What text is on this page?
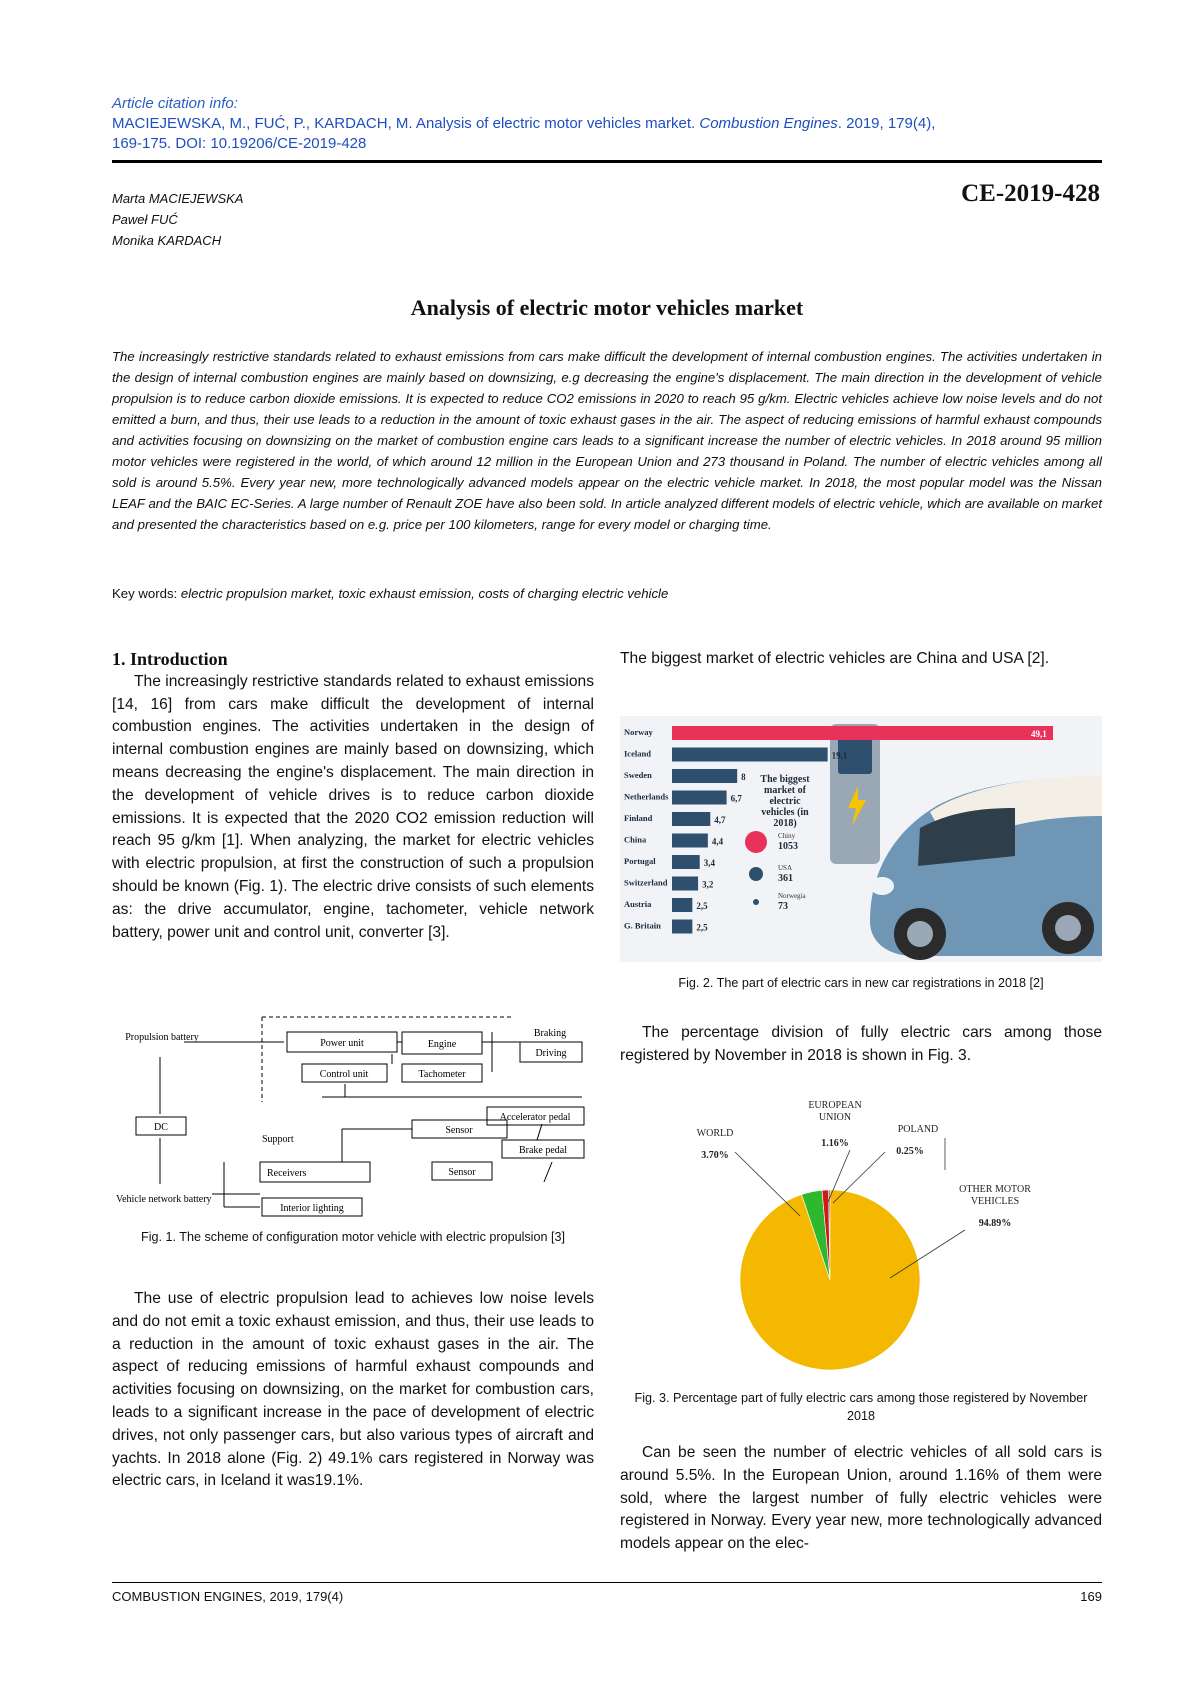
Article citation info:
MACIEJEWSKA, M., FUĆ, P., KARDACH, M. Analysis of electric motor vehicles market. Combustion Engines. 2019, 179(4),
169-175. DOI: 10.19206/CE-2019-428
Marta MACIEJEWSKA
Paweł FUĆ
Monika KARDACH
CE-2019-428
Analysis of electric motor vehicles market
The increasingly restrictive standards related to exhaust emissions from cars make difficult the development of internal combustion engines. The activities undertaken in the design of internal combustion engines are mainly based on downsizing, e.g decreasing the engine's displacement. The main direction in the development of vehicle propulsion is to reduce carbon dioxide emissions. It is expected to reduce CO2 emissions in 2020 to reach 95 g/km. Electric vehicles achieve low noise levels and do not emitted a burn, and thus, their use leads to a reduction in the amount of toxic exhaust gases in the air. The aspect of reducing emissions of harmful exhaust compounds and activities focusing on downsizing on the market of combustion engine cars leads to a significant increase the number of electric vehicles. In 2018 around 95 million motor vehicles were registered in the world, of which around 12 million in the European Union and 273 thousand in Poland. The number of electric vehicles among all sold is around 5.5%. Every year new, more technologically advanced models appear on the electric vehicle market. In 2018, the most popular model was the Nissan LEAF and the BAIC EC-Series. A large number of Renault ZOE have also been sold. In article analyzed different models of electric vehicle, which are available on market and presented the characteristics based on e.g. price per 100 kilometers, range for every model or charging time.
Key words: electric propulsion market, toxic exhaust emission, costs of charging electric vehicle
1. Introduction

The increasingly restrictive standards related to exhaust emissions [14, 16] from cars make difficult the development of internal combustion engines. The activities undertaken in the design of internal combustion engines are mainly based on downsizing, which means decreasing the engine's displacement. The main direction in the development of vehicle drives is to reduce carbon dioxide emissions. It is expected that the 2020 CO2 emission reduction will reach 95 g/km [1]. When analyzing, the market for electric vehicles with electric propulsion, at first the construction of such a propulsion should be known (Fig. 1). The electric drive consists of such elements as: the drive accumulator, engine, tachometer, vehicle network battery, power unit and control unit, converter [3].

Propulsion battery
Power unit
Control unit
Engine
Tachometer
Braking
Driving
DC
Accelerator pedal
Brake pedal
Sensor
Sensor
Support
Receivers
Interior lighting
Vehicle network battery
Fig. 1. The scheme of configuration motor vehicle with electric propulsion [3]

The use of electric propulsion lead to achieves low noise levels and do not emit a toxic exhaust emission, and thus, their use leads to a reduction in the amount of toxic exhaust gases in the air. The aspect of reducing emissions of harmful exhaust compounds and activities focusing on downsizing, on the market for combustion cars, leads to a significant increase in the pace of development of electric drives, not only passenger cars, but also various types of aircraft and yachts. In 2018 alone (Fig. 2) 49.1% cars registered in Norway was electric cars, in Iceland it was19.1%.

The biggest market of electric vehicles are China and USA [2].

The biggest market of electric vehicles (in 2018)
Norway	49,1
Iceland	19,1
Sweden	8
Netherlands	6,7
Finland	4,7
China	4,4
Portugal	3,4
Switzerland	3,2
Austria	2,5
G. Britain	2,5
Chiny
1053
USA
361
Norwegia
73
Fig. 2. The part of electric cars in new car registrations in 2018 [2]

The percentage division of fully electric cars among those registered by November in 2018 is shown in Fig. 3.

WORLD
3.70%
EUROPEAN UNION
1.16%
POLAND
0.25%
OTHER MOTOR VEHICLES
94.89%
Fig. 3. Percentage part of fully electric cars among those registered by November 2018

Can be seen the number of electric vehicles of all sold cars is around 5.5%. In the European Union, around 1.16% of them were sold, where the largest number of fully electric vehicles were registered in Norway. Every year new, more technologically advanced models appear on the elec-

COMBUSTION ENGINES, 2019, 179(4)	169
